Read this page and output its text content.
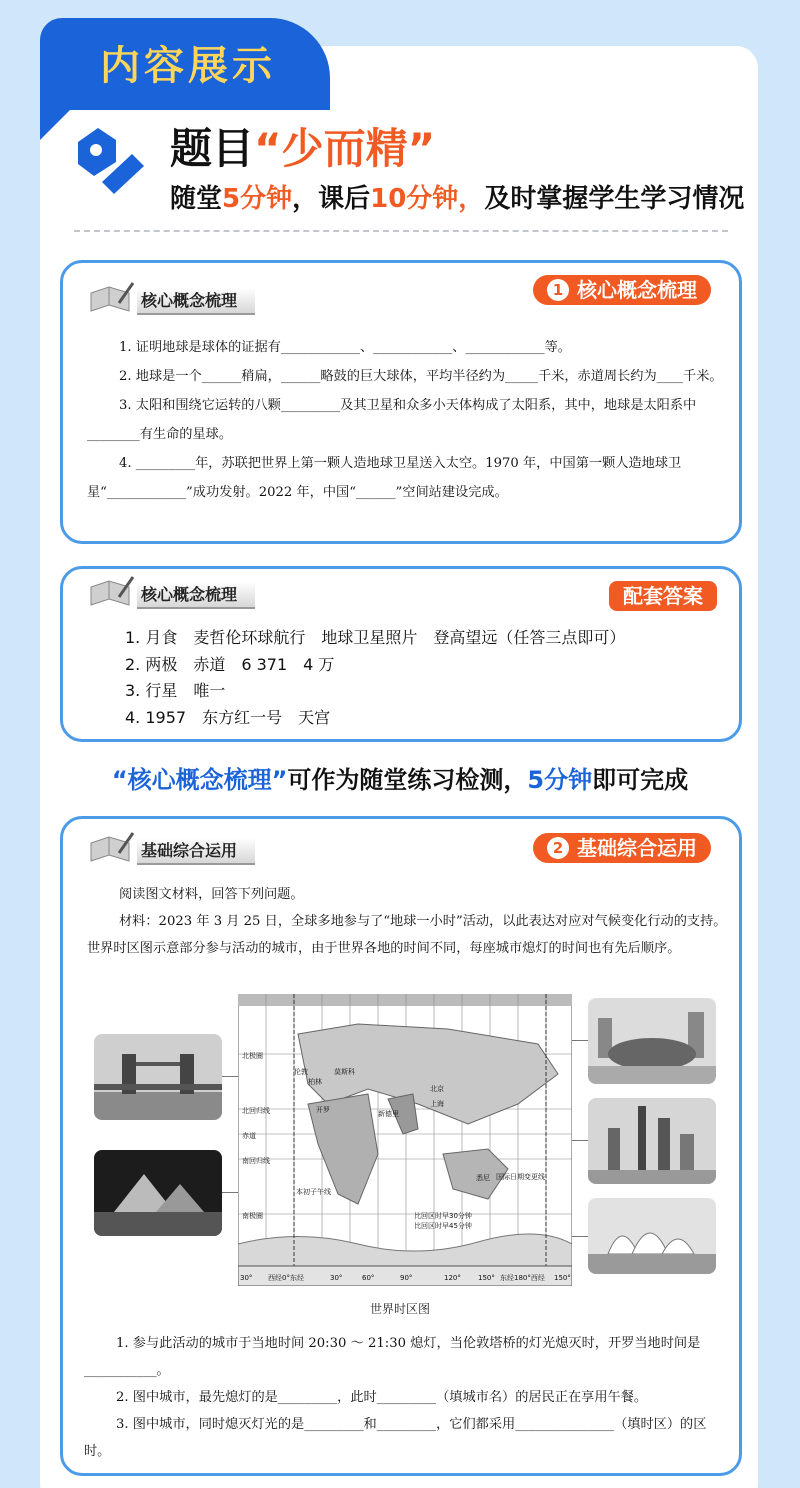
内容展示
题目“少而精”
随堂5分钟，课后10分钟，及时掌握学生学习情况
核心概念梳理
1 核心概念梳理

1. 证明地球是球体的证据有____________、____________、____________等。

2. 地球是一个______稍扁，______略鼓的巨大球体，平均半径约为_____千米，赤道周长约为____千米。

3. 太阳和围绕它运转的八颗_________及其卫星和众多小天体构成了太阳系，其中，地球是太阳系中________有生命的星球。

4. _________年，苏联把世界上第一颗人造地球卫星送入太空。1970 年，中国第一颗人造地球卫星“____________”成功发射。2022 年，中国“______”空间站建设完成。

核心概念梳理	配套答案
1. 月食　麦哲伦环球航行　地球卫星照片　登高望远（任答三点即可）
2. 两极　赤道　6 371　4 万
3. 行星　唯一
4. 1957　东方红一号　天宫
“核心概念梳理”可作为随堂练习检测，5分钟即可完成
基础综合运用	2 基础综合运用

阅读图文材料，回答下列问题。

材料：2023 年 3 月 25 日，全球多地参与了“地球一小时”活动，以此表达对应对气候变化行动的支持。世界时区图示意部分参与活动的城市，由于世界各地的时间不同，每座城市熄灯的时间也有先后顺序。

北极圈
北回归线
赤道
南回归线
南极圈
本初子午线
国际日期变更线
比回区时早30分钟
比回区时早45分钟
伦敦
柏林
莫斯科
开罗
北京
上海
新德里
悉尼
30° 西经0°东经	30°	60°	90°	120° 150° 东经180°西经 150°
世界时区图

1. 参与此活动的城市于当地时间 20:30 ～ 21:30 熄灯，当伦敦塔桥的灯光熄灭时，开罗当地时间是___________。

2. 图中城市，最先熄灯的是_________，此时_________（填城市名）的居民正在享用午餐。

3. 图中城市，同时熄灭灯光的是_________和_________，它们都采用_______________（填时区）的区时。
